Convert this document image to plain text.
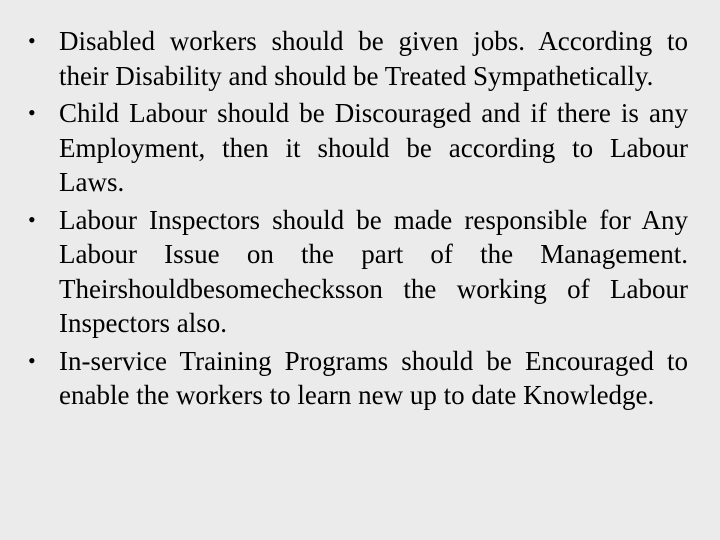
• Disabled workers should be given jobs. According to their Disability and should be Treated Sympathetically.
• Child Labour should be Discouraged and if there is any Employment, then it should be according to Labour Laws.
• Labour Inspectors should be made responsible for Any Labour Issue on the part of the Management. Theirshouldbesomechecksson the working of Labour Inspectors also.
• In-service Training Programs should be Encouraged to enable the workers to learn new up to date Knowledge.
